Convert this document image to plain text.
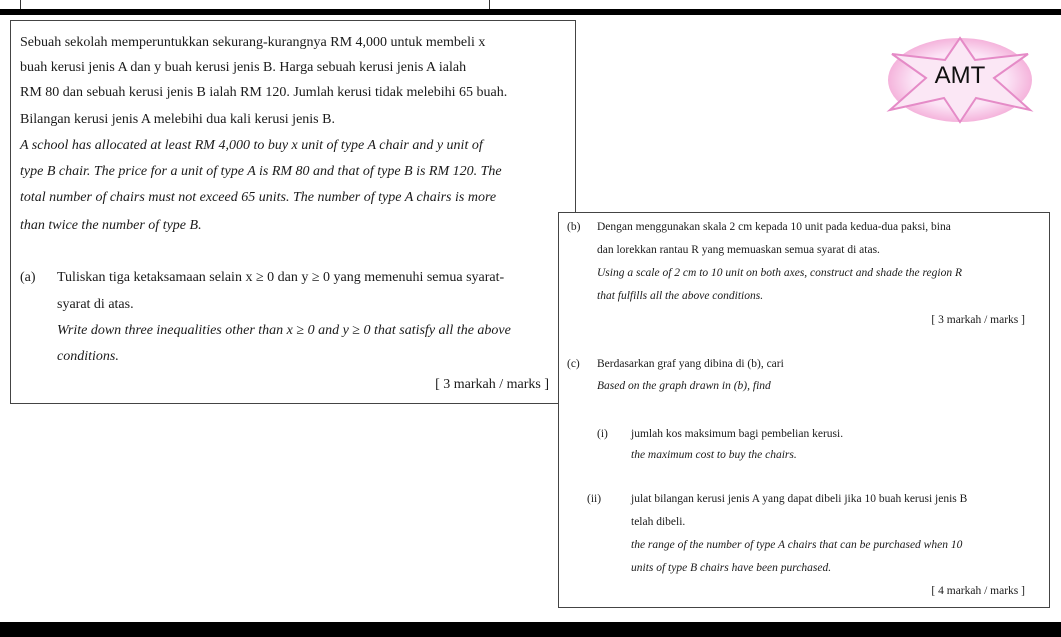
Sebuah sekolah memperuntukkan sekurang-kurangnya RM 4,000 untuk membeli x
buah kerusi jenis A dan y buah kerusi jenis B. Harga sebuah kerusi jenis A ialah
RM 80 dan sebuah kerusi jenis B ialah RM 120. Jumlah kerusi tidak melebihi 65 buah.
Bilangan kerusi jenis A melebihi dua kali kerusi jenis B.
A school has allocated at least RM 4,000 to buy x unit of type A chair and y unit of
type B chair. The price for a unit of type A is RM 80 and that of type B is RM 120. The
total number of chairs must not exceed 65 units. The number of type A chairs is more
than twice the number of type B.
(a) Tuliskan tiga ketaksamaan selain x ≥ 0 dan y ≥ 0 yang memenuhi semua syarat-
syarat di atas.
Write down three inequalities other than x ≥ 0 and y ≥ 0 that satisfy all the above
conditions.
[ 3 markah / marks ]
AMT
(b) Dengan menggunakan skala 2 cm kepada 10 unit pada kedua-dua paksi, bina
dan lorekkan rantau R yang memuaskan semua syarat di atas.
Using a scale of 2 cm to 10 unit on both axes, construct and shade the region R
that fulfills all the above conditions.
[ 3 markah / marks ]
(c) Berdasarkan graf yang dibina di (b), cari
Based on the graph drawn in (b), find
(i) jumlah kos maksimum bagi pembelian kerusi.
the maximum cost to buy the chairs.
(ii)	julat bilangan kerusi jenis A yang dapat dibeli jika 10 buah kerusi jenis B
telah dibeli.
the range of the number of type A chairs that can be purchased when 10
units of type B chairs have been purchased.
[ 4 markah / marks ]
